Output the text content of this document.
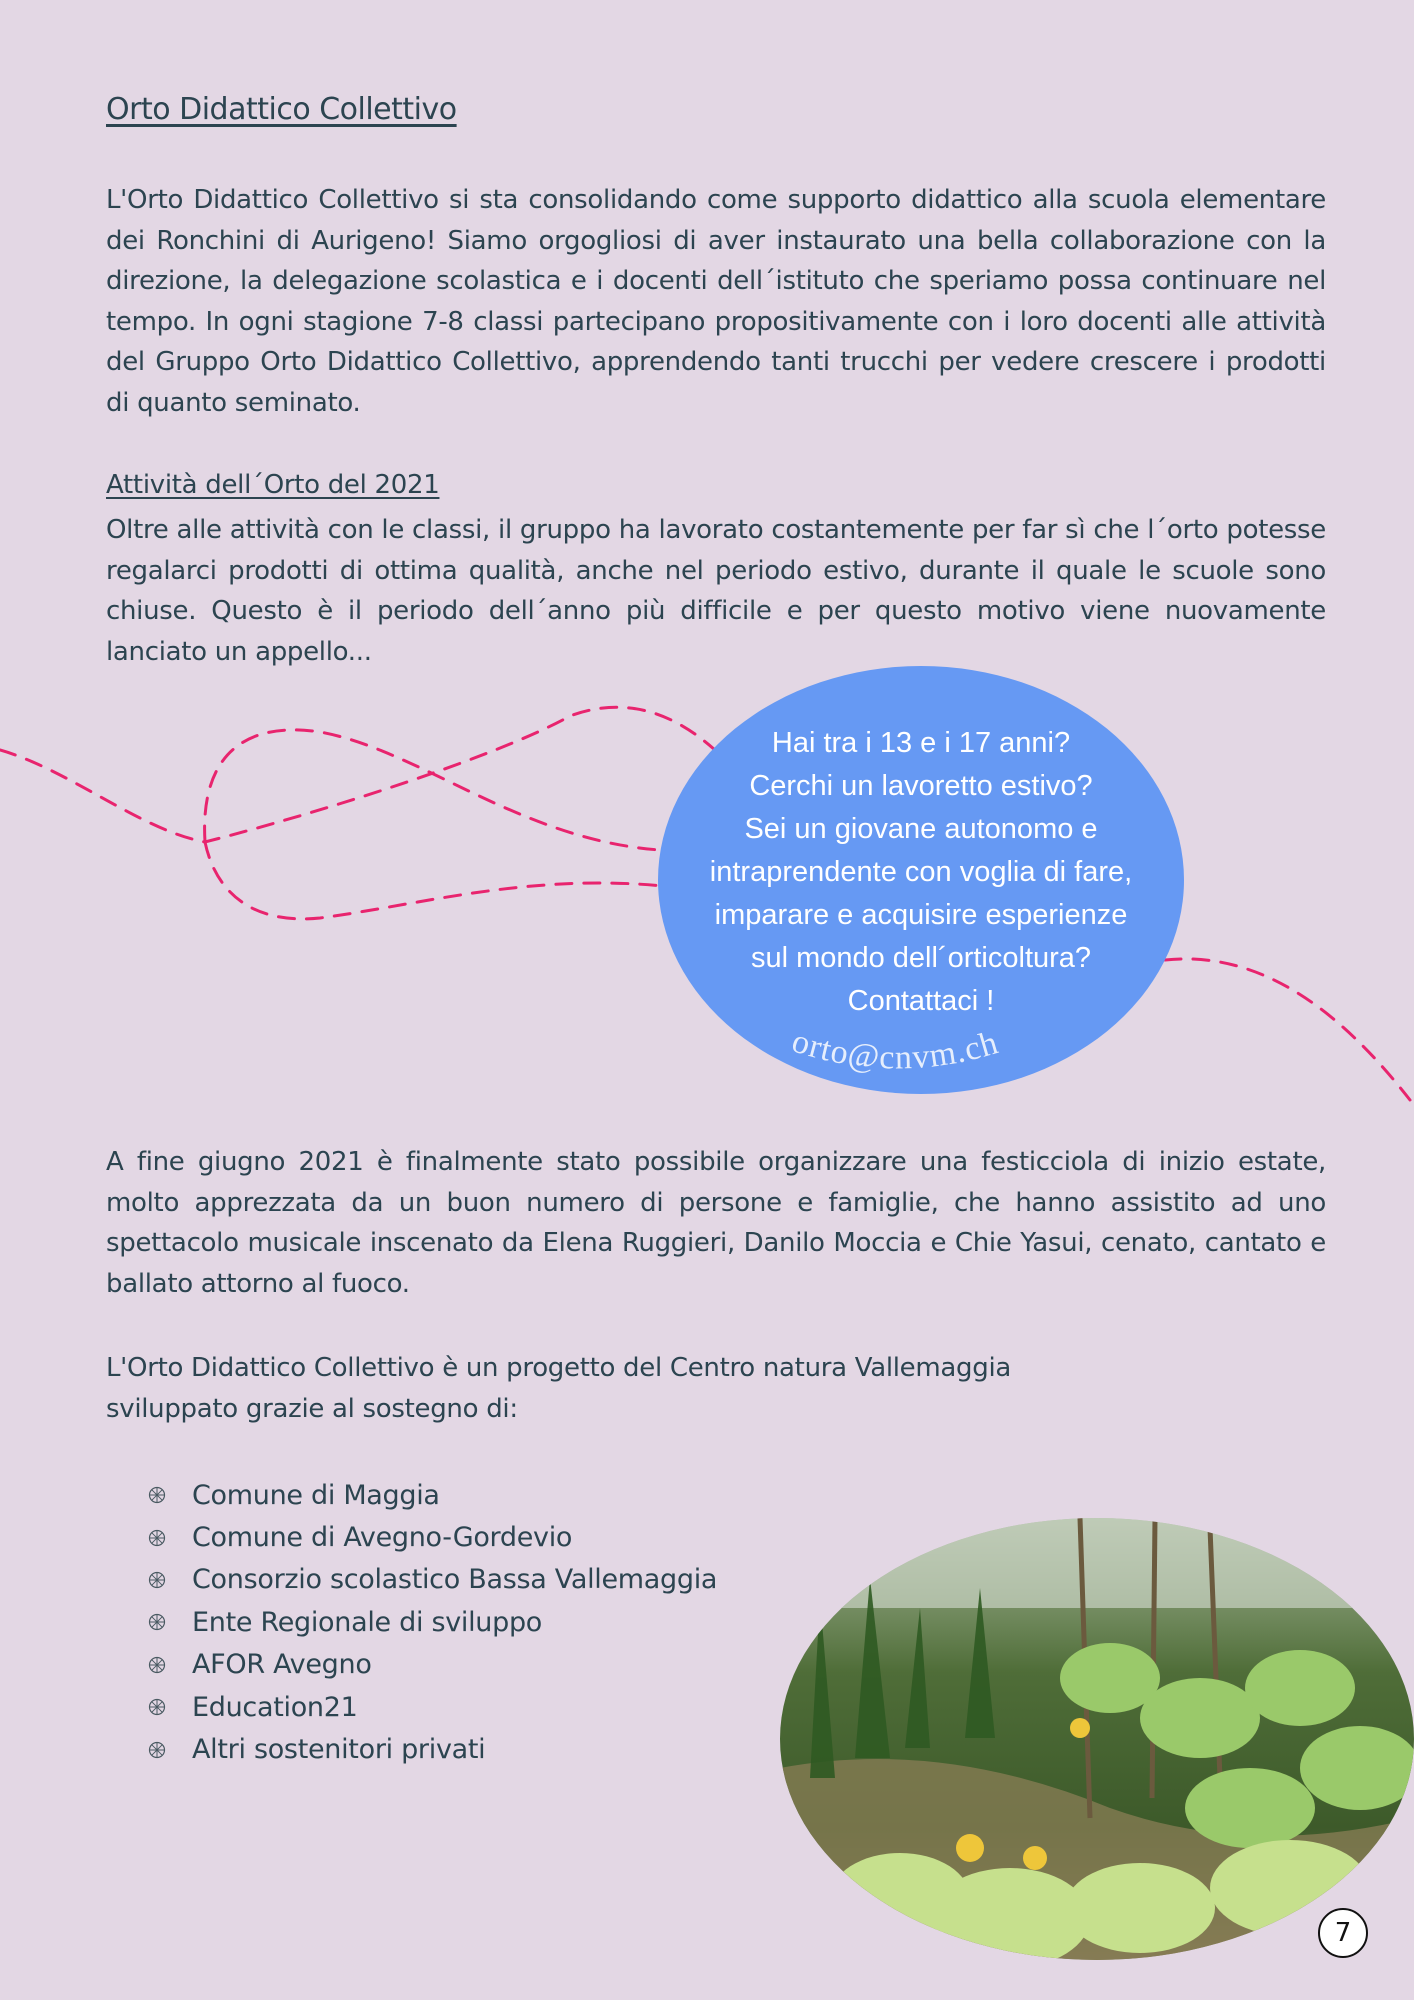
Orto Didattico Collettivo

L'Orto Didattico Collettivo si sta consolidando come supporto didattico alla scuola elementare dei Ronchini di Aurigeno! Siamo orgogliosi di aver instaurato una bella collaborazione con la direzione, la delegazione scolastica e i docenti dell´istituto che speriamo possa continuare nel tempo. In ogni stagione 7-8 classi partecipano propositivamente con i loro docenti alle attività del Gruppo Orto Didattico Collettivo, apprendendo tanti trucchi per vedere crescere i prodotti di quanto seminato.

Attività dell´Orto del 2021

Oltre alle attività con le classi, il gruppo ha lavorato costantemente per far sì che l´orto potesse regalarci prodotti di ottima qualità, anche nel periodo estivo, durante il quale le scuole sono chiuse. Questo è il periodo dell´anno più difficile e per questo motivo viene nuovamente lanciato un appello...

Hai tra i 13 e i 17 anni?
Cerchi un lavoretto estivo?
Sei un giovane autonomo e
intraprendente con voglia di fare,
imparare e acquisire esperienze
sul mondo dell´orticoltura?
Contattaci !
orto@cnvm.ch

A fine giugno 2021 è finalmente stato possibile organizzare una festicciola di inizio estate, molto apprezzata da un buon numero di persone e famiglie, che hanno assistito ad uno spettacolo musicale inscenato da Elena Ruggieri, Danilo Moccia e Chie Yasui, cenato, cantato e ballato attorno al fuoco.

L'Orto Didattico Collettivo è un progetto del Centro natura Vallemaggia
sviluppato grazie al sostegno di:

Comune di Maggia
Comune di Avegno-Gordevio
Consorzio scolastico Bassa Vallemaggia
Ente Regionale di sviluppo
AFOR Avegno
Education21
Altri sostenitori privati
7
